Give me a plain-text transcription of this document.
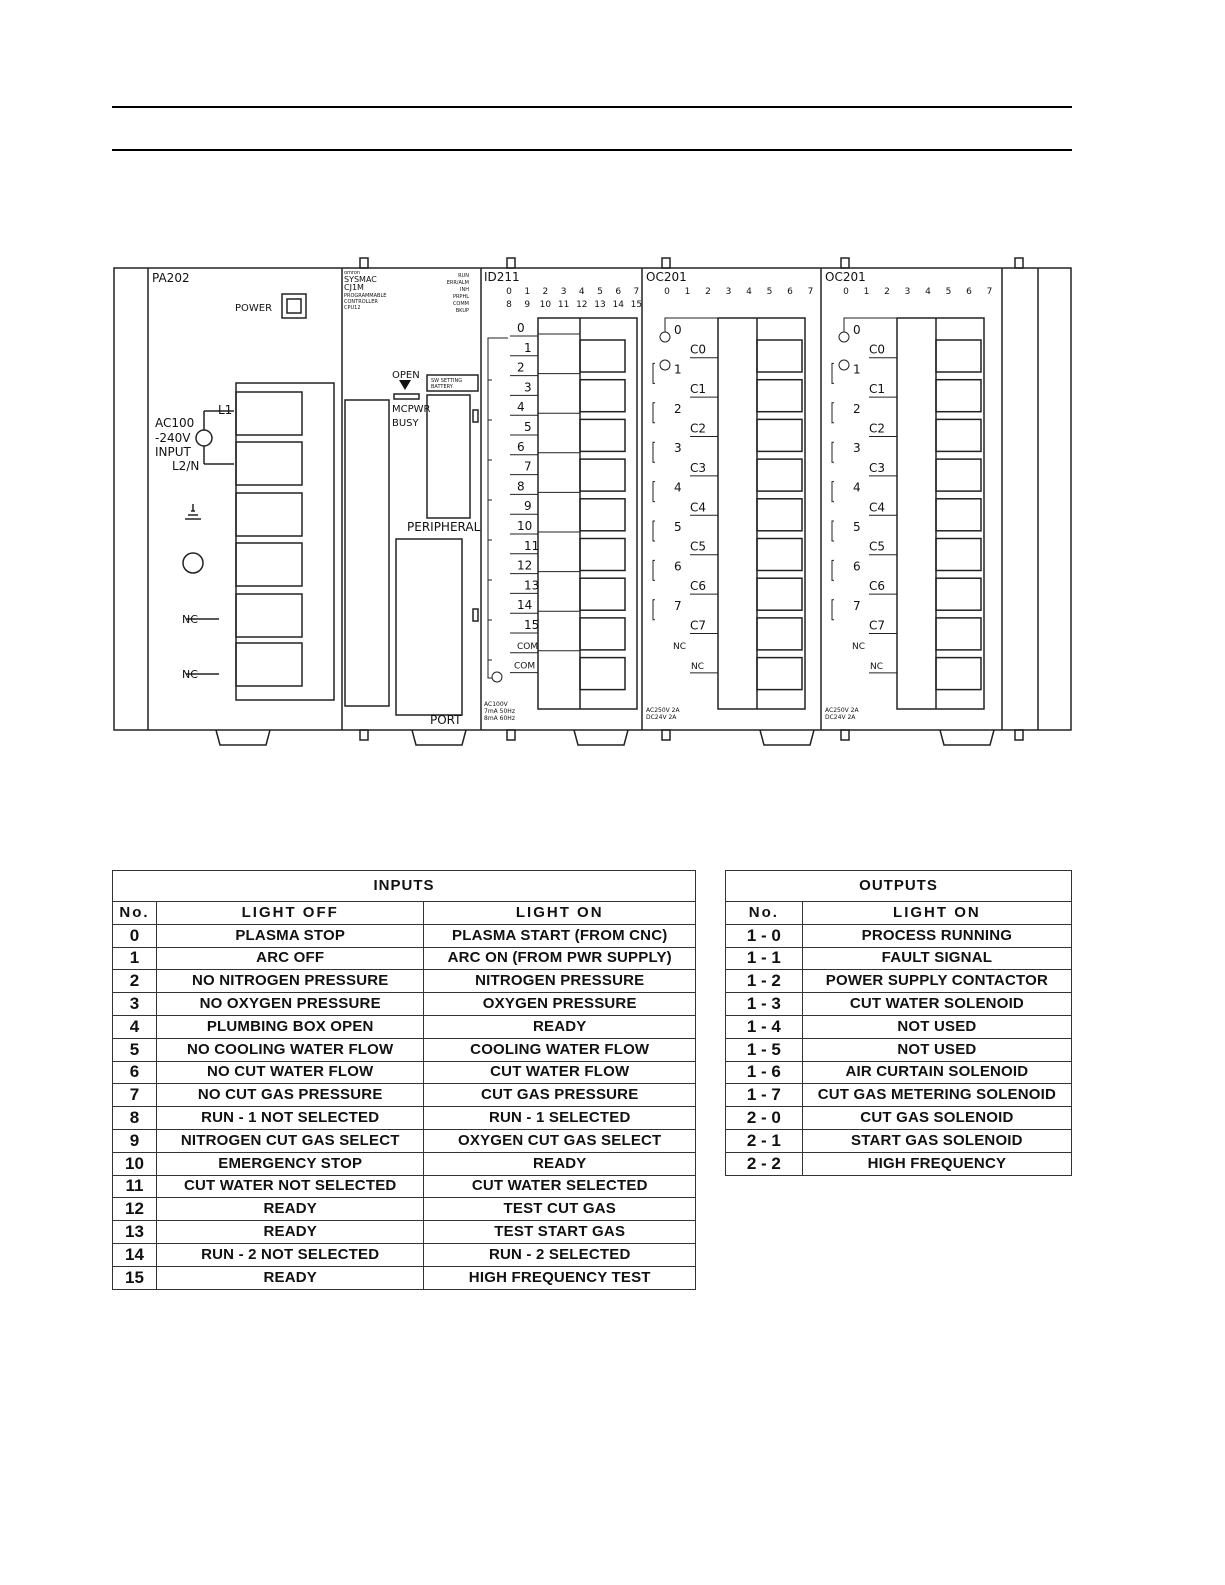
PA202
POWER
L1
AC100
-240V
INPUT
L2/N
NC
NC
omron
SYSMAC
CJ1M
PROGRAMMABLE
CONTROLLER
CPU12
RUN
ERR/ALM
INH
PRPHL
COMM
BKUP
OPEN SW SETTING
BATTERY
MCPWR
BUSY
PERIPHERAL
PORT
ID211
0
8
1
9
2
10
3
11
4
12
5
13
6
14
7
15
0
1
2
3
4
5
6
7
8
9
10
11
12
13
14
15
COM
COM
AC100V
7mA 50Hz
8mA 60Hz
OC201
0 1 2 3 4 5 6 7
0
C0
1
C1
2
C2
3
C3
4
C4
5
C5
6
C6
7
C7
NC
NC
AC250V 2A
DC24V 2A
OC201
0 1 2 3 4 5 6 7
0
C0
1
C1
2
C2
3
C3
4
C4
5
C5
6
C6
7
C7
NC
NC
AC250V 2A
DC24V 2A
INPUTS		
No.	LIGHT OFF	LIGHT ON
0	PLASMA STOP	PLASMA START (FROM CNC)
1	ARC OFF	ARC ON (FROM PWR SUPPLY)
2	NO NITROGEN PRESSURE	NITROGEN PRESSURE
3	NO OXYGEN PRESSURE	OXYGEN PRESSURE
4	PLUMBING BOX OPEN	READY
5	NO COOLING WATER FLOW	COOLING WATER FLOW
6	NO CUT WATER FLOW	CUT WATER FLOW
7	NO CUT GAS PRESSURE	CUT GAS PRESSURE
8	RUN - 1 NOT SELECTED	RUN - 1 SELECTED
9	NITROGEN CUT GAS SELECT	OXYGEN CUT GAS SELECT
10	EMERGENCY STOP	READY
11	CUT WATER NOT SELECTED	CUT WATER SELECTED
12	READY	TEST CUT GAS
13	READY	TEST START GAS
14	RUN - 2 NOT SELECTED	RUN - 2 SELECTED
15	READY	HIGH FREQUENCY TEST
OUTPUTS	
No.	LIGHT ON
1 - 0	PROCESS RUNNING
1 - 1	FAULT SIGNAL
1 - 2	POWER SUPPLY CONTACTOR
1 - 3	CUT WATER SOLENOID
1 - 4	NOT USED
1 - 5	NOT USED
1 - 6	AIR CURTAIN SOLENOID
1 - 7	CUT GAS METERING SOLENOID
2 - 0	CUT GAS SOLENOID
2 - 1	START GAS SOLENOID
2 - 2	HIGH FREQUENCY
